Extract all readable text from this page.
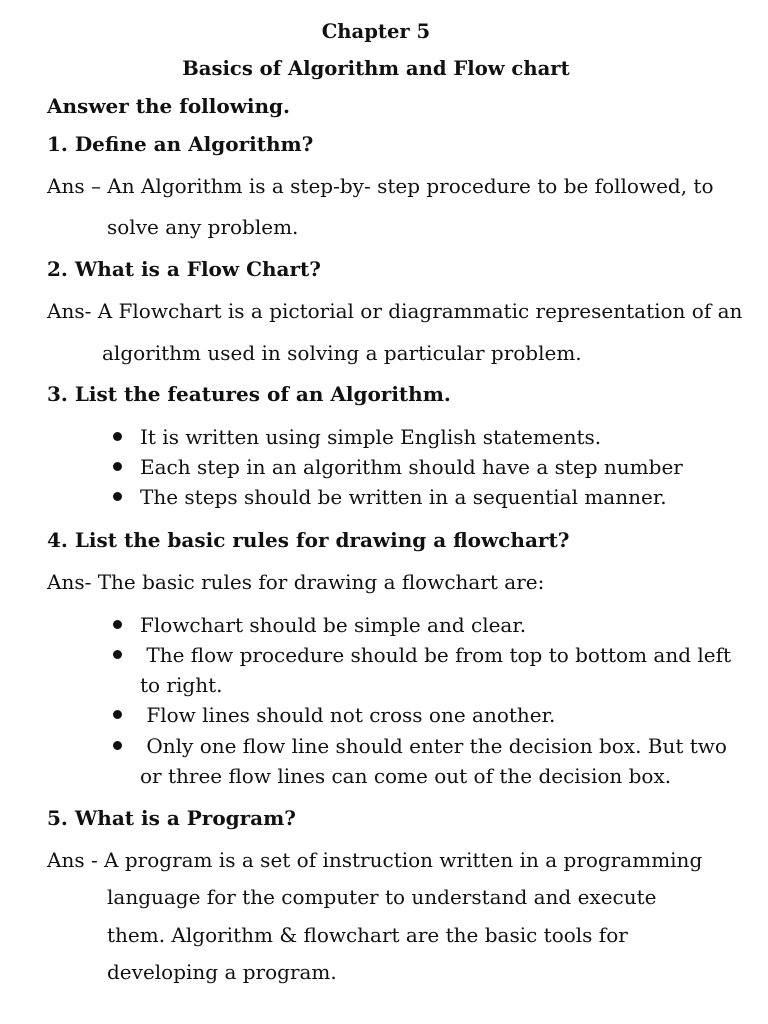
Chapter 5
Basics of Algorithm and Flow chart
Answer the following.
1. Define an Algorithm?
Ans – An Algorithm is a step-by- step procedure to be followed, to
solve any problem.
2. What is a Flow Chart?
Ans- A Flowchart is a pictorial or diagrammatic representation of an
algorithm used in solving a particular problem.
3. List the features of an Algorithm.
It is written using simple English statements.
Each step in an algorithm should have a step number
The steps should be written in a sequential manner.
4. List the basic rules for drawing a flowchart?
Ans- The basic rules for drawing a flowchart are:
Flowchart should be simple and clear.
The flow procedure should be from top to bottom and left
to right.
Flow lines should not cross one another.
Only one flow line should enter the decision box. But two
or three flow lines can come out of the decision box.
5. What is a Program?
Ans - A program is a set of instruction written in a programming
language for the computer to understand and execute
them. Algorithm & flowchart are the basic tools for
developing a program.
